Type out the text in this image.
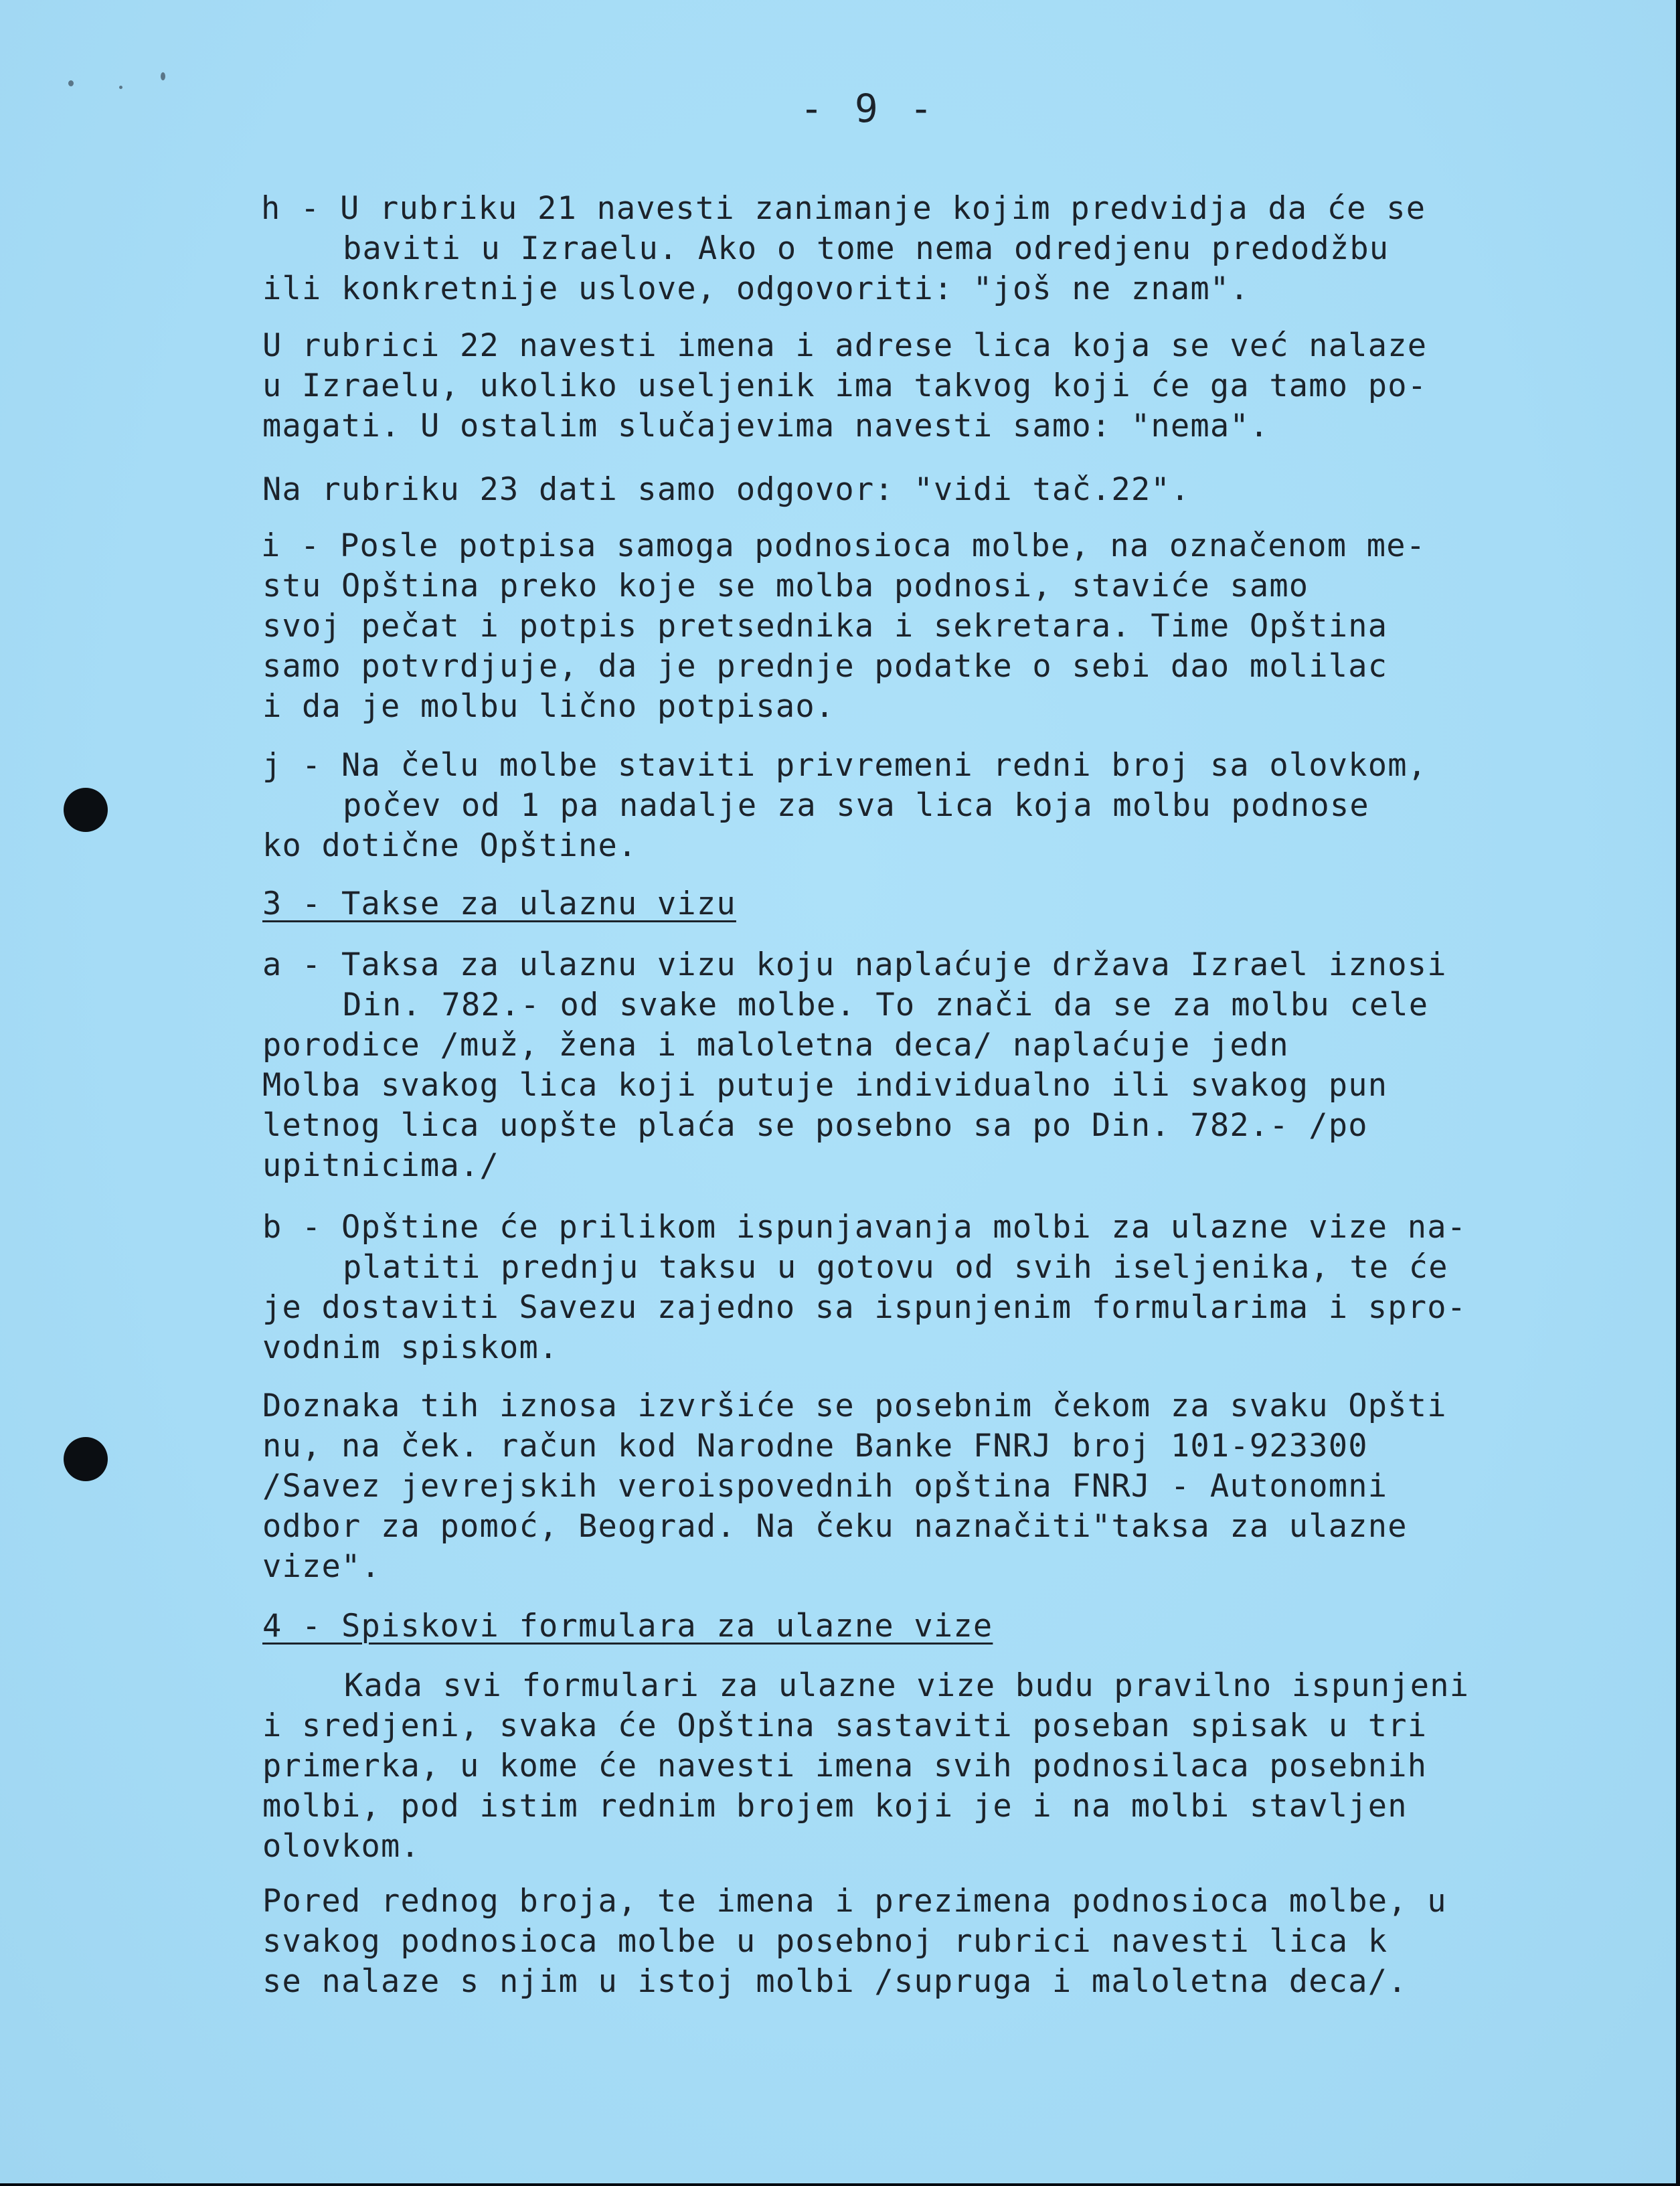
- 9 -
h - U rubriku 21 navesti zanimanje kojim predvidja da će se
baviti u Izraelu. Ako o tome nema odredjenu predodžbu
ili konkretnije uslove, odgovoriti: "još ne znam".
U rubrici 22 navesti imena i adrese lica koja se već nalaze
u Izraelu, ukoliko useljenik ima takvog koji će ga tamo po-
magati. U ostalim slučajevima navesti samo: "nema".
Na rubriku 23 dati samo odgovor: "vidi tač.22".
i - Posle potpisa samoga podnosioca molbe, na označenom me-
stu Opština preko koje se molba podnosi, staviće samo
svoj pečat i potpis pretsednika i sekretara. Time Opština
samo potvrdjuje, da je prednje podatke o sebi dao molilac
i da je molbu lično potpisao.
j - Na čelu molbe staviti privremeni redni broj sa olovkom,
počev od 1 pa nadalje za sva lica koja molbu podnose
ko dotične Opštine.
3 - Takse za ulaznu vizu
a - Taksa za ulaznu vizu koju naplaćuje država Izrael iznosi
Din. 782.- od svake molbe. To znači da se za molbu cele
porodice /muž, žena i maloletna deca/ naplaćuje jedn
Molba svakog lica koji putuje individualno ili svakog pun
letnog lica uopšte plaća se posebno sa po Din. 782.- /po
upitnicima./
b - Opštine će prilikom ispunjavanja molbi za ulazne vize na-
platiti prednju taksu u gotovu od svih iseljenika, te će
je dostaviti Savezu zajedno sa ispunjenim formularima i spro-
vodnim spiskom.
Doznaka tih iznosa izvršiće se posebnim čekom za svaku Opšti
nu, na ček. račun kod Narodne Banke FNRJ broj 101-923300
/Savez jevrejskih veroispovednih opština FNRJ - Autonomni
odbor za pomoć, Beograd. Na čeku naznačiti"taksa za ulazne
vize".
4 - Spiskovi formulara za ulazne vize
Kada svi formulari za ulazne vize budu pravilno ispunjeni
i sredjeni, svaka će Opština sastaviti poseban spisak u tri
primerka, u kome će navesti imena svih podnosilaca posebnih
molbi, pod istim rednim brojem koji je i na molbi stavljen
olovkom.
Pored rednog broja, te imena i prezimena podnosioca molbe, u
svakog podnosioca molbe u posebnoj rubrici navesti lica k
se nalaze s njim u istoj molbi /supruga i maloletna deca/.
